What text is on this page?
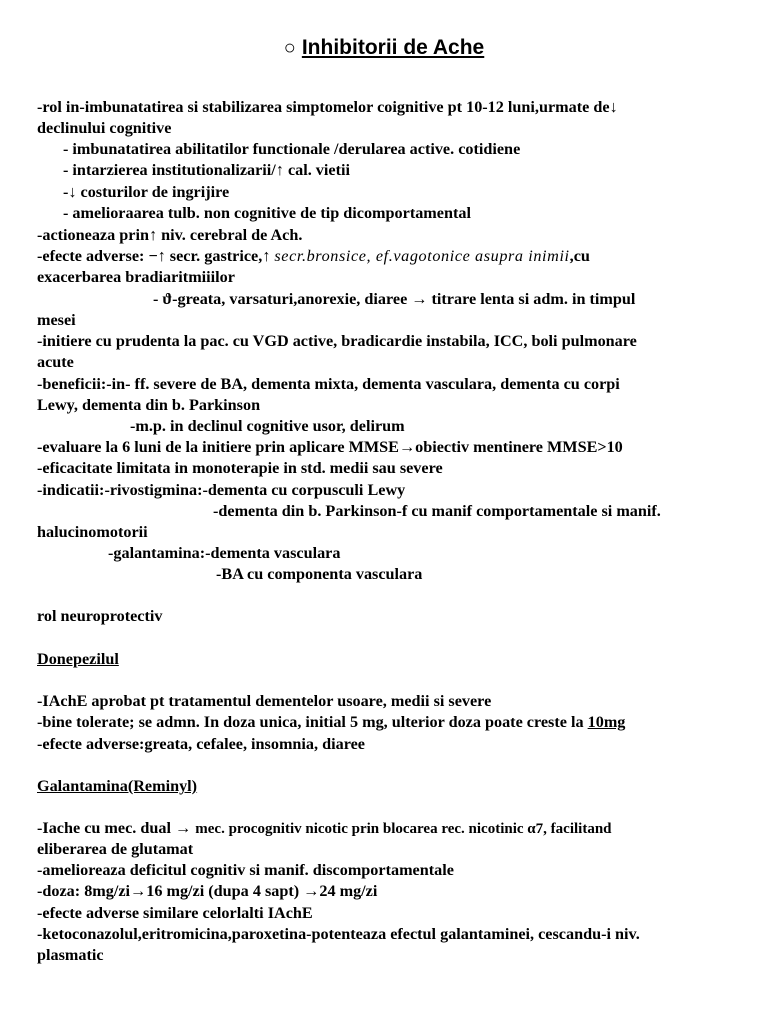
○ Inhibitorii de Ache
-rol in-imbunatatirea si stabilizarea simptomelor coignitive pt 10-12 luni,urmate de↓
declinului cognitive
- imbunatatirea abilitatilor functionale /derularea active. cotidiene
- intarzierea institutionalizarii/↑ cal. vietii
-↓ costurilor de ingrijire
- amelioraarea tulb. non cognitive de tip dicomportamental
-actioneaza prin↑ niv. cerebral de Ach.
-efecte adverse: −↑ secr. gastrice,↑ secr.bronsice, ef.vagotonice asupra inimii,cu
exacerbarea bradiaritmiiilor
- ϑ-greata, varsaturi,anorexie, diaree → titrare lenta si adm. in timpul
mesei
-initiere cu prudenta la pac. cu VGD active, bradicardie instabila, ICC, boli pulmonare
acute
-beneficii:-in- ff. severe de BA, dementa mixta, dementa vasculara, dementa cu corpi
Lewy, dementa din b. Parkinson
-m.p. in declinul cognitive usor, delirum
-evaluare la 6 luni de la initiere prin aplicare MMSE→obiectiv mentinere MMSE>10
-eficacitate limitata in monoterapie in std. medii sau severe
-indicatii:-rivostigmina:-dementa cu corpusculi Lewy
-dementa din b. Parkinson-f cu manif comportamentale si manif.
halucinomotorii
-galantamina:-dementa vasculara
-BA cu componenta vasculara
rol neuroprotectiv
Donepezilul
-IAchE aprobat pt tratamentul dementelor usoare, medii si severe
-bine tolerate; se admn. In doza unica, initial 5 mg, ulterior doza poate creste la 10mg
-efecte adverse:greata, cefalee, insomnia, diaree
Galantamina(Reminyl)
-Iache cu mec. dual → mec. procognitiv nicotic prin blocarea rec. nicotinic α7, facilitand
eliberarea de glutamat
-amelioreaza deficitul cognitiv si manif. discomportamentale
-doza: 8mg/zi→16 mg/zi (dupa 4 sapt) →24 mg/zi
-efecte adverse similare celorlalti IAchE
-ketoconazolul,eritromicina,paroxetina-potenteaza efectul galantaminei, cescandu-i niv.
plasmatic
